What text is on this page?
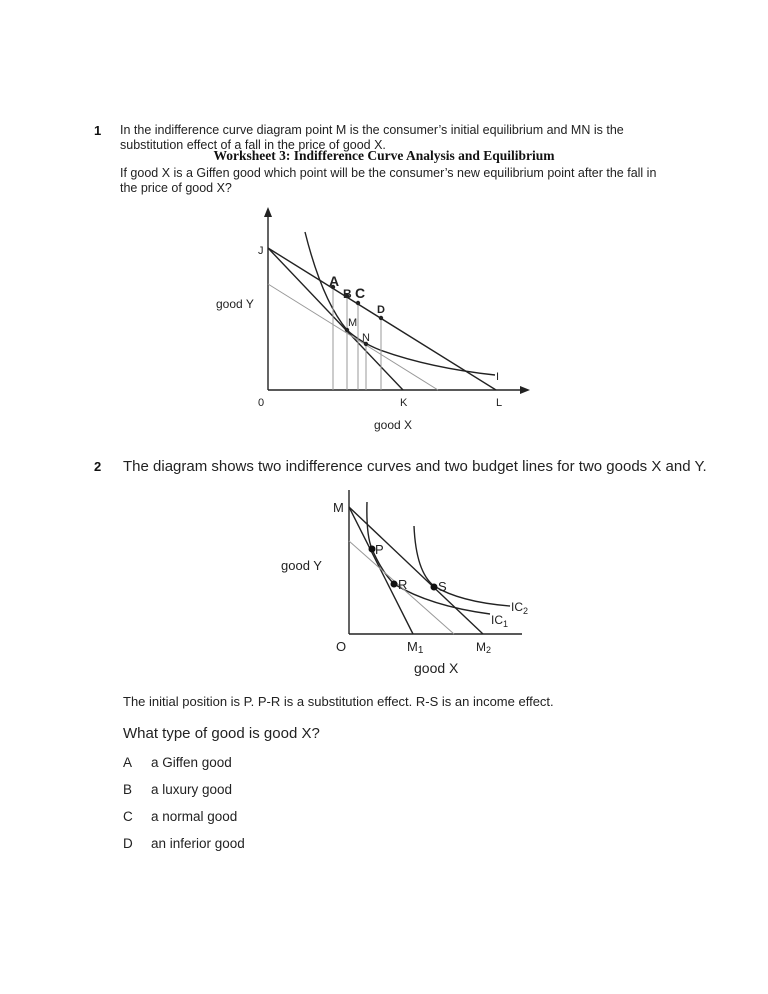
Worksheet 3: Indifference Curve Analysis and Equilibrium
1 In the indifference curve diagram point M is the consumer’s initial equilibrium and MN is the substitution effect of a fall in the price of good X.
If good X is a Giffen good which point will be the consumer’s new equilibrium point after the fall in the price of good X?
J
0	K	L
I
good Y
good X
A
B C
D
M
N
2 The diagram shows two indifference curves and two budget lines for two goods X and Y.
M
P
R S
$IC_2$
$IC_1$
O	M1	M2
good Y
good X
The initial position is P. P-R is a substitution effect. R-S is an income effect.
What type of good is good X?
A a Giffen good
B a luxury good
C a normal good
D an inferior good
